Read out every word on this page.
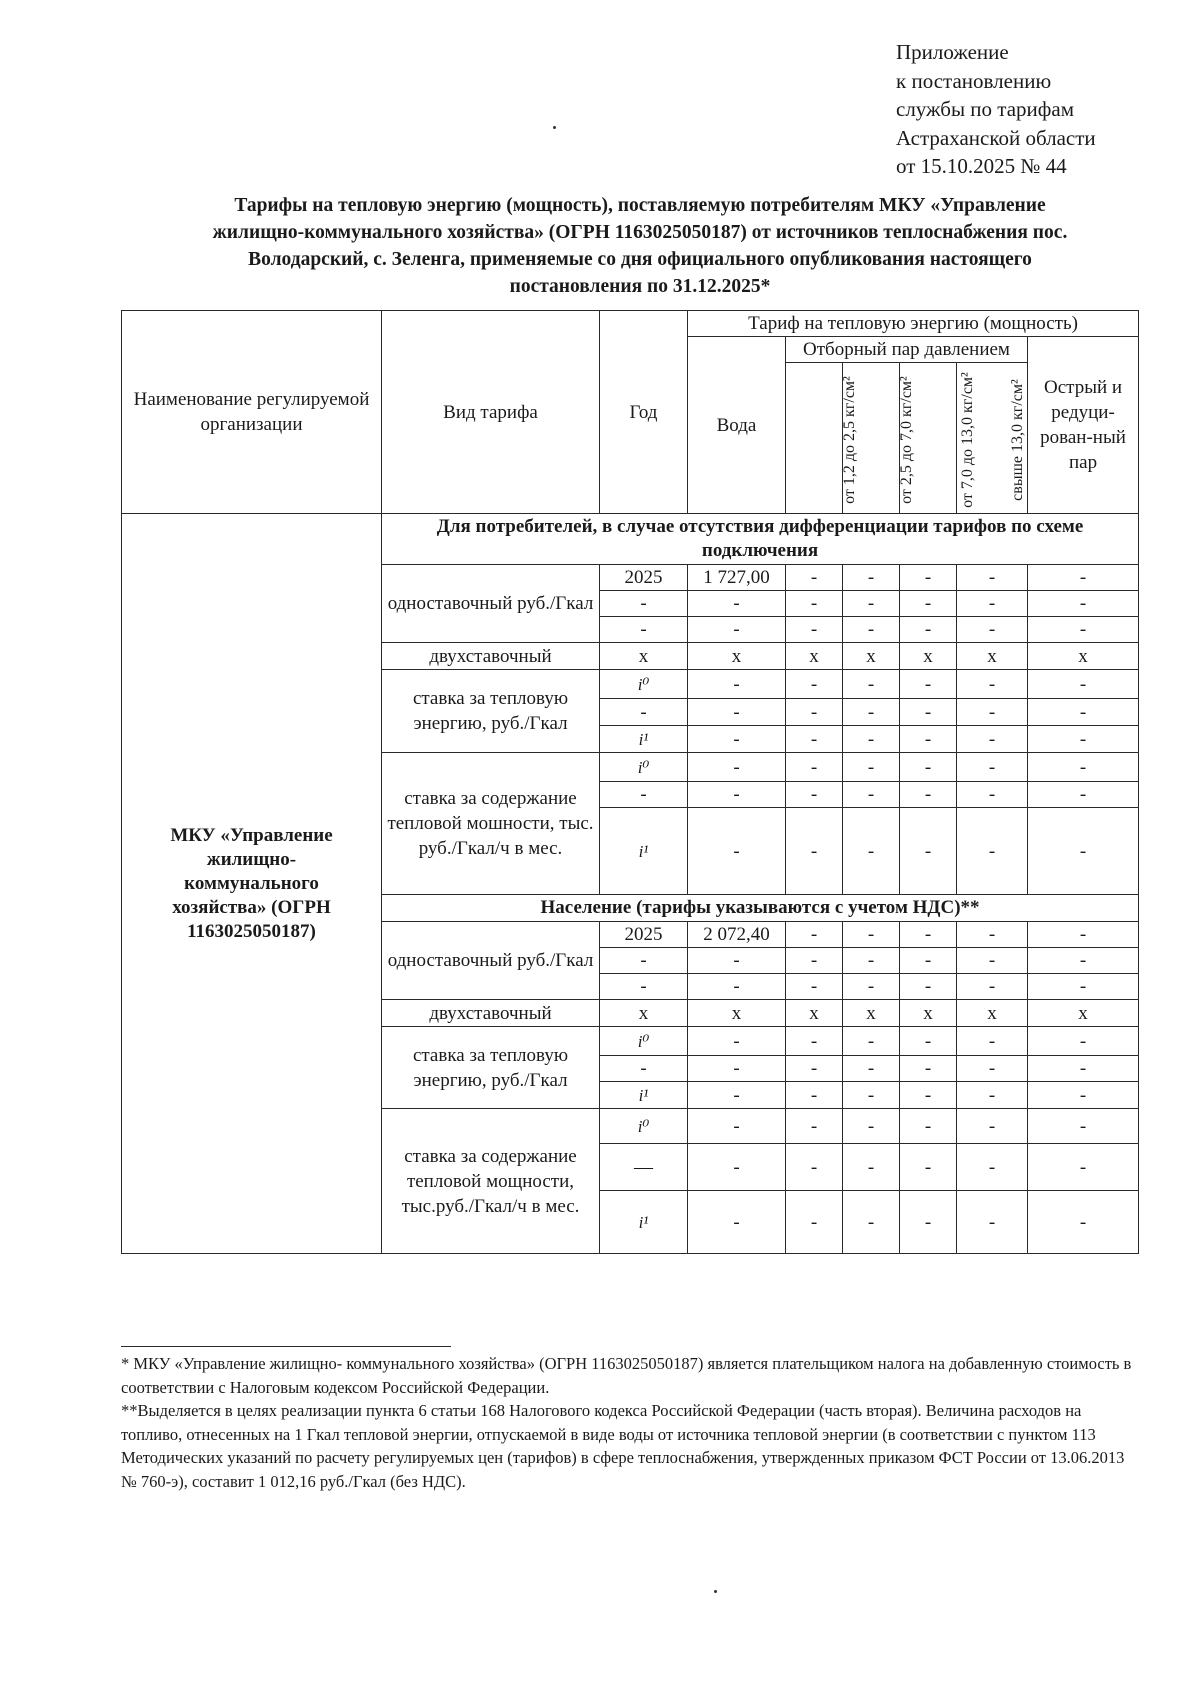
Приложение
к постановлению
службы по тарифам
Астраханской области
от 15.10.2025 № 44
Тарифы на тепловую энергию (мощность), поставляемую потребителям МКУ «Управление
жилищно-коммунального хозяйства» (ОГРН 1163025050187) от источников теплоснабжения пос.
Володарский, с. Зеленга, применяемые со дня официального опубликования настоящего
постановления по 31.12.2025*
Наименование регулируемой организации	Вид тарифа	Год	Тариф на тепловую энергию (мощность)					
			Вода	Отборный пар давлением				Острый и редуци-рован-ный пар
				от 1,2 до 2,5 кг/см²	от 2,5 до 7,0 кг/см²	от 7,0 до 13,0 кг/см²	свыше 13,0 кг/см²	

МКУ «Управление
жилищно-
коммунального
хозяйства» (ОГРН
1163025050187)	Для потребителей, в случае отсутствия дифференциации тарифов по схеме подключения							
	одноставочный руб./Гкал	2025	1 727,00	-	-	-	-	-
		-	-	-	-	-	-	-
		-	-	-	-	-	-	-
	двухставочный	х	х	х	х	х	х	х
	ставка за тепловую энергию, руб./Гкал	i⁰	-	-	-	-	-	-
		-	-	-	-	-	-	-
		i¹	-	-	-	-	-	-
	ставка за содержание тепловой мошности, тыс. руб./Гкал/ч в мес.	i⁰	-	-	-	-	-	-
		-	-	-	-	-	-	-
		i¹	-	-	-	-	-	-
	Население (тарифы указываются с учетом НДС)**							
	одноставочный руб./Гкал	2025	2 072,40	-	-	-	-	-
		-	-	-	-	-	-	-
		-	-	-	-	-	-	-
	двухставочный	х	х	х	х	х	х	х
	ставка за тепловую энергию, руб./Гкал	i⁰	-	-	-	-	-	-
		-	-	-	-	-	-	-
		i¹	-	-	-	-	-	-
	ставка за содержание тепловой мощности, тыс.руб./Гкал/ч в мес.	i⁰	-	-	-	-	-	-
		—	-	-	-	-	-	-
		i¹	-	-	-	-	-	-

* МКУ «Управление жилищно- коммунального хозяйства» (ОГРН 1163025050187) является плательщиком налога на добавленную стоимость в соответствии с Налоговым кодексом Российской Федерации.

**Выделяется в целях реализации пункта 6 статьи 168 Налогового кодекса Российской Федерации (часть вторая). Величина расходов на топливо, отнесенных на 1 Гкал тепловой энергии, отпускаемой в виде воды от источника тепловой энергии (в соответствии с пунктом 113 Методических указаний по расчету регулируемых цен (тарифов) в сфере теплоснабжения, утвержденных приказом ФСТ России от 13.06.2013 № 760-э), составит 1 012,16 руб./Гкал (без НДС).
